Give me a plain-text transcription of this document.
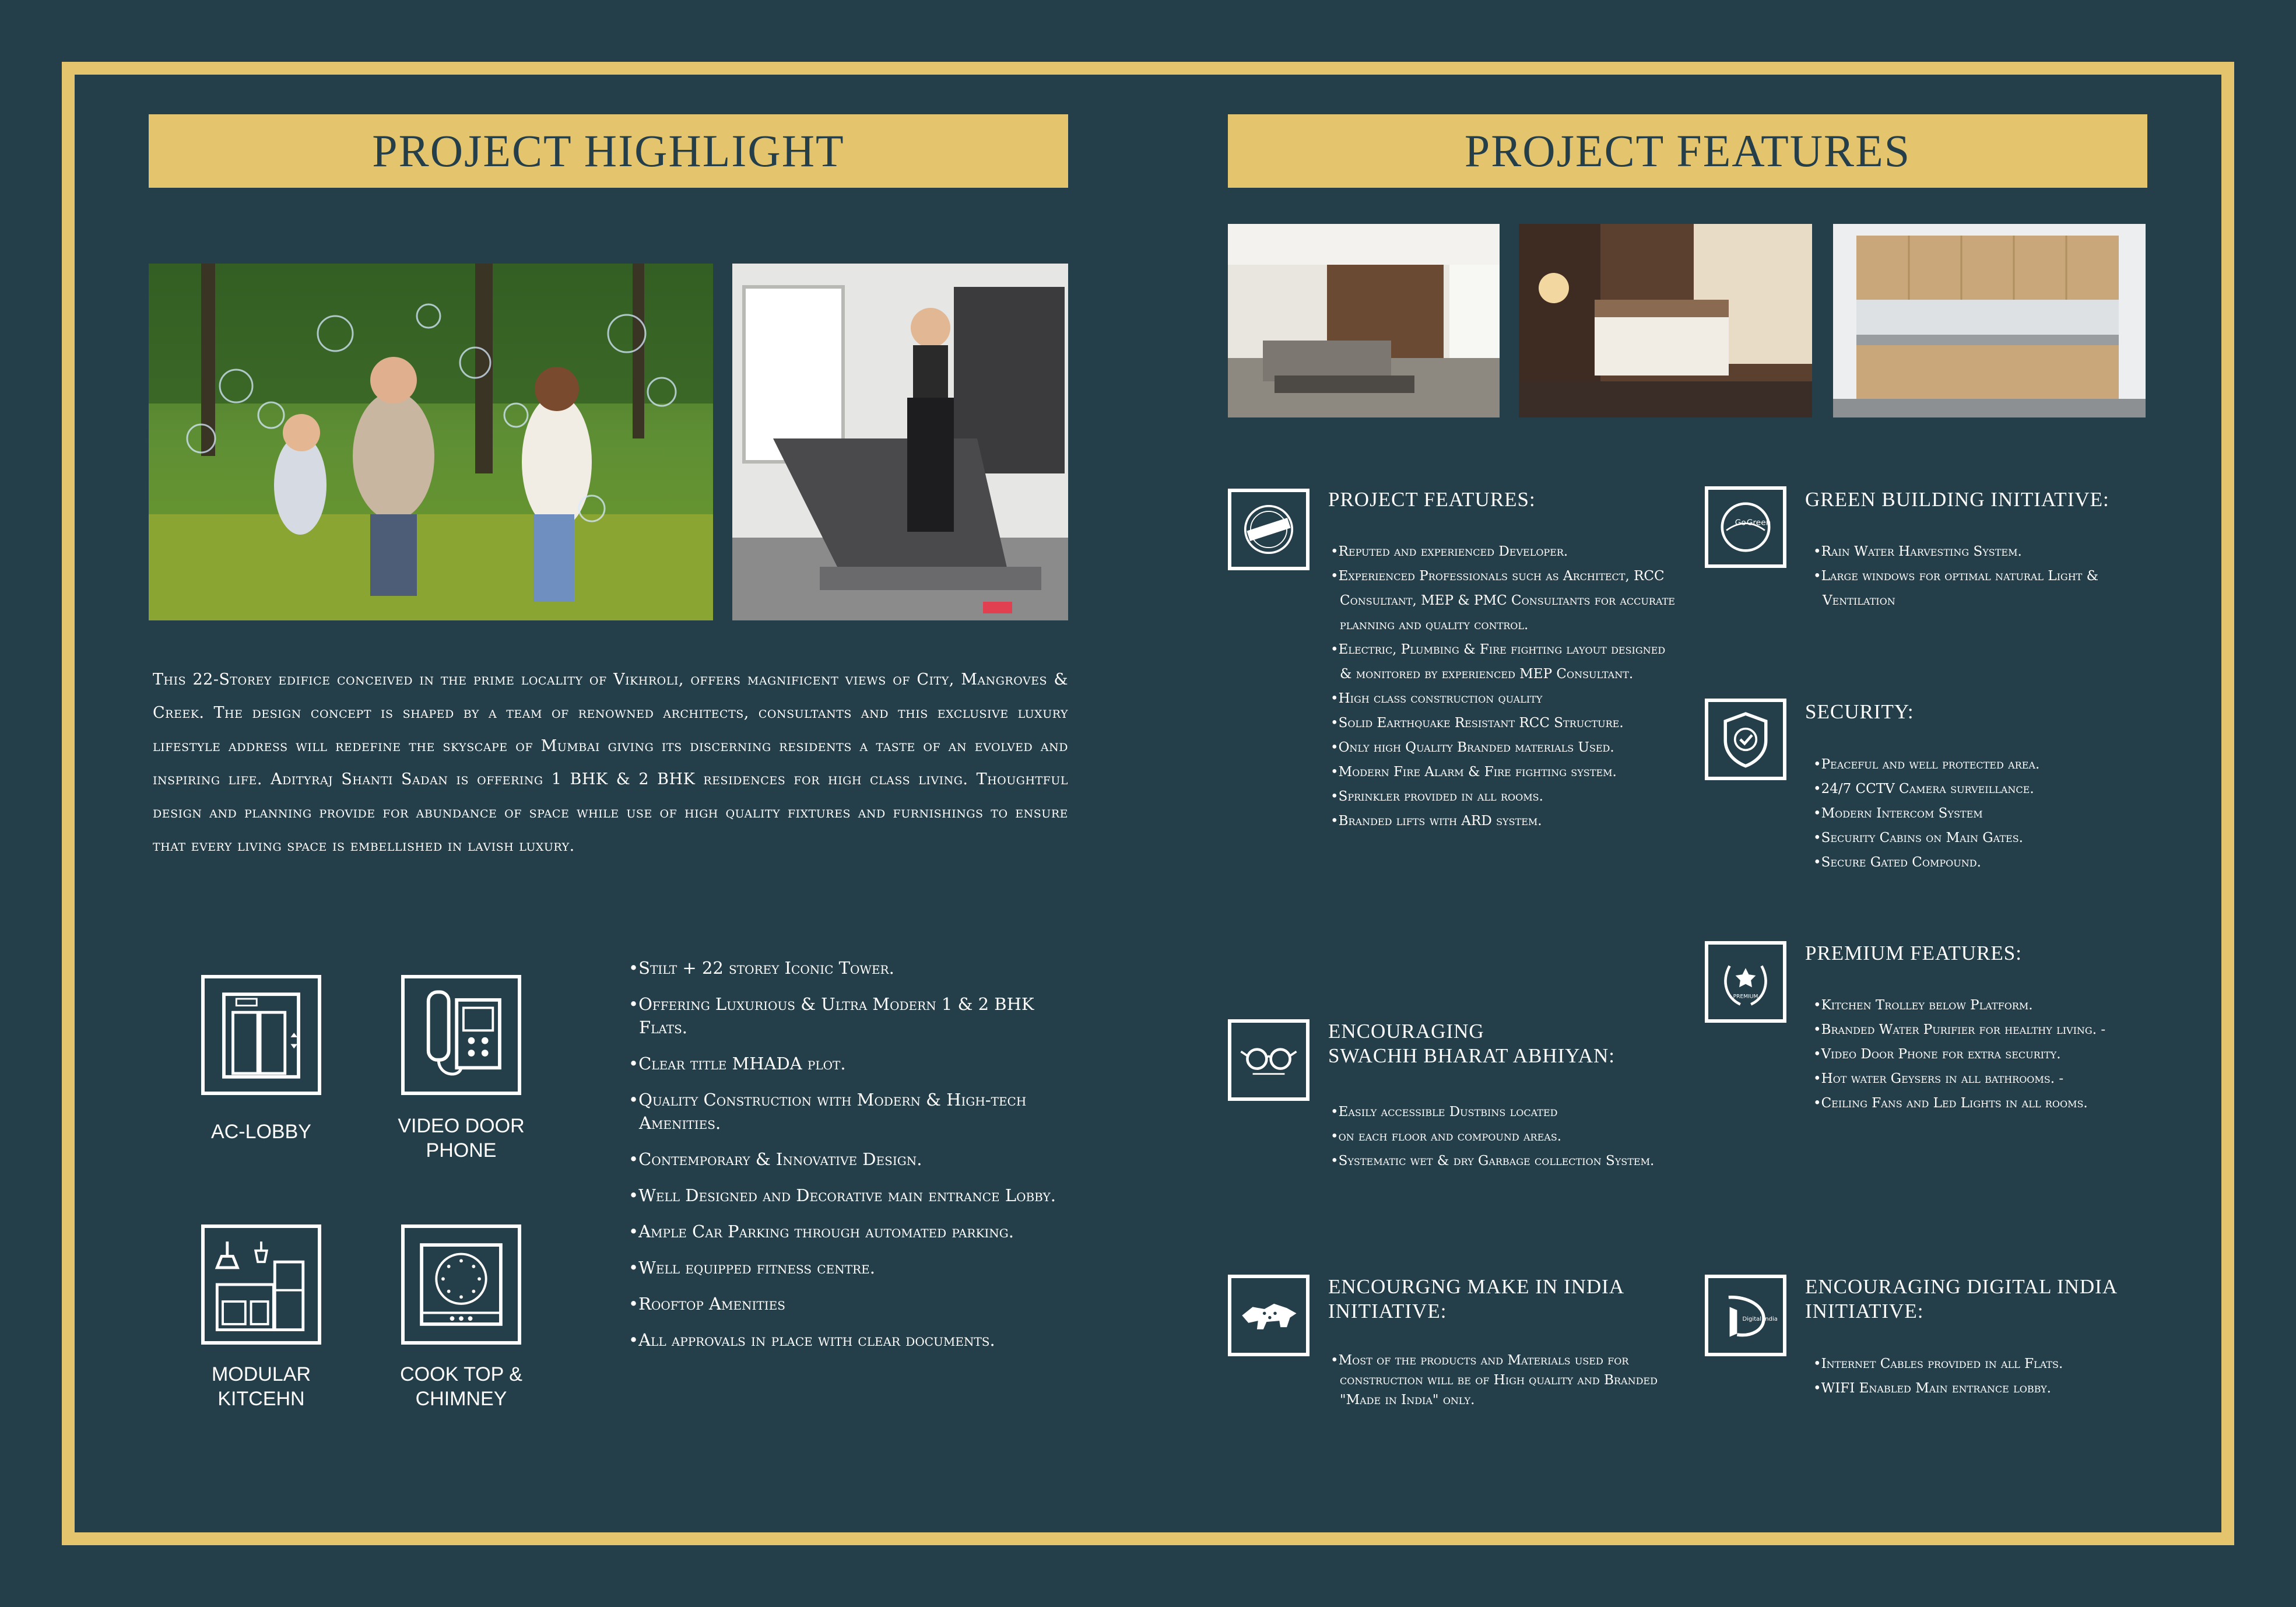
PROJECT HIGHLIGHT

This 22-Storey edifice conceived in the prime locality of Vikhroli, offers magnificent views of City, Mangroves & Creek. The design concept is shaped by a team of renowned architects, consultants and this exclusive luxury lifestyle address will redefine the skyscape of Mumbai giving its discerning residents a taste of an evolved and inspiring life. Adityraj Shanti Sadan is offering 1 BHK & 2 BHK residences for high class living. Thoughtful design and planning provide for abundance of space while use of high quality fixtures and furnishings to ensure that every living space is embellished in lavish luxury.

AC-LOBBY	VIDEO DOOR PHONE
MODULAR KITCEHN
COOK TOP & CHIMNEY
•Stilt + 22 storey Iconic Tower.
•Offering Luxurious & Ultra Modern 1 & 2 BHK Flats.
•Clear title MHADA plot.
•Quality Construction with Modern & High-tech Amenities.
•Contemporary & Innovative Design.
•Well Designed and Decorative main entrance Lobby.
•Ample Car Parking through automated parking.
•Well equipped fitness centre.
•Rooftop Amenities
•All approvals in place with clear documents.
PROJECT FEATURES
PROJECT FEATURES:
•Reputed and experienced Developer.
•Experienced Professionals such as Architect, RCC Consultant, MEP & PMC Consultants for accurate planning and quality control.
•Electric, Plumbing & Fire fighting layout designed & monitored by experienced MEP Consultant.
•High class construction quality
•Solid Earthquake Resistant RCC Structure.
•Only high Quality Branded materials Used.
•Modern Fire Alarm & Fire fighting system.
•Sprinkler provided in all rooms.
•Branded lifts with ARD system.
Go Green
GREEN BUILDING INITIATIVE:
•Rain Water Harvesting System.
•Large windows for optimal natural Light & Ventilation
SECURITY:
•Peaceful and well protected area.
•24/7 CCTV Camera surveillance.
•Modern Intercom System
•Security Cabins on Main Gates.
•Secure Gated Compound.
PREMIUM
PREMIUM FEATURES:
•Kitchen Trolley below Platform.
•Branded Water Purifier for healthy living. -
•Video Door Phone for extra security.
•Hot water Geysers in all bathrooms. -
•Ceiling Fans and Led Lights in all rooms.
ENCOURAGING
SWACHH BHARAT ABHIYAN:
•Easily accessible Dustbins located
•on each floor and compound areas.
•Systematic wet & dry Garbage collection System.
ENCOURGNG MAKE IN INDIA
INITIATIVE:
•Most of the products and Materials used for construction will be of High quality and Branded "Made in India" only.
Digital India
ENCOURAGING DIGITAL INDIA
INITIATIVE:
•Internet Cables provided in all Flats.
•WIFI Enabled Main entrance lobby.
